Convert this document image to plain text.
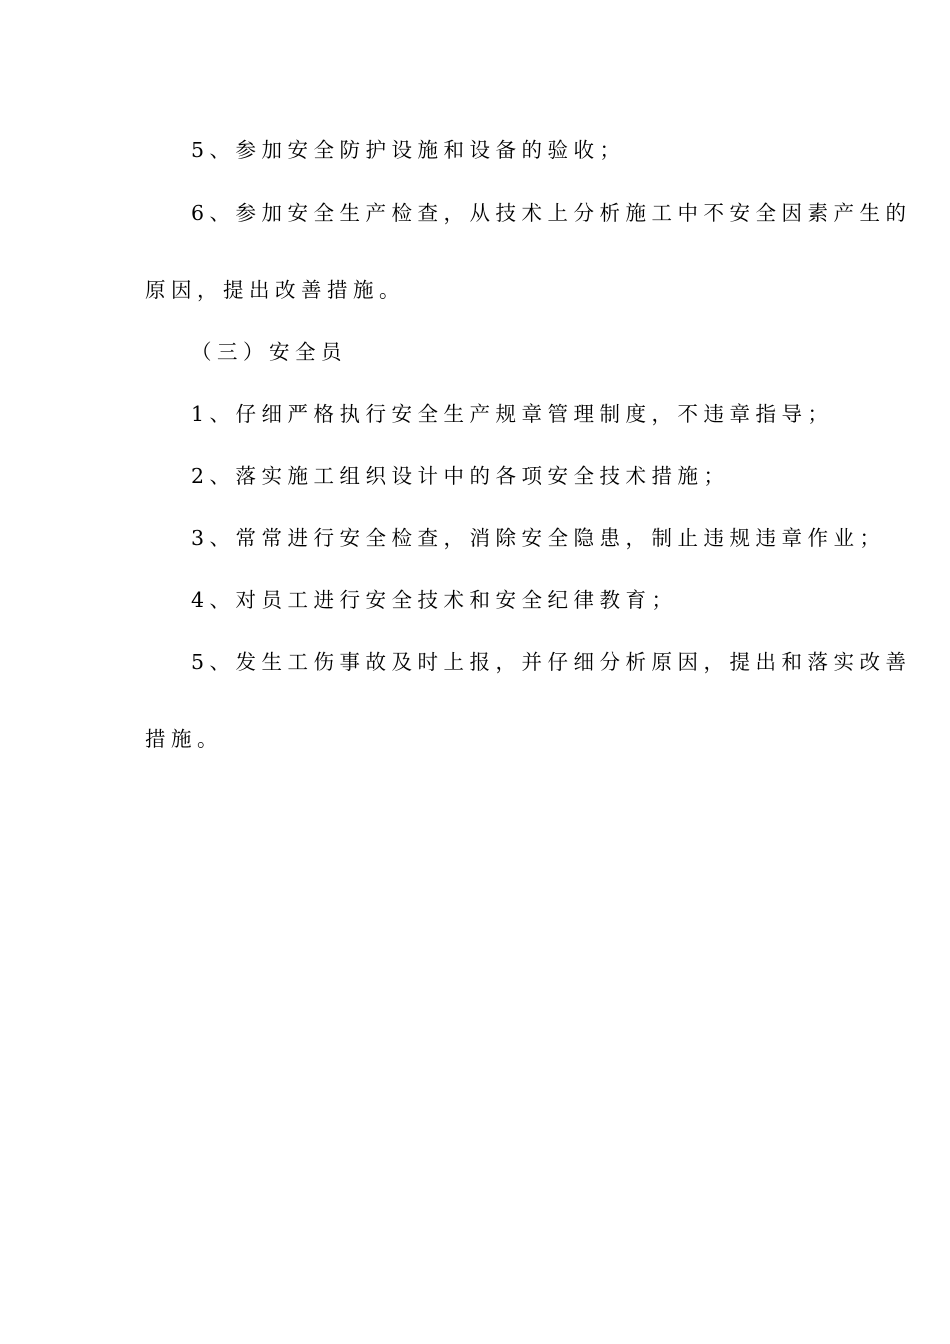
5、参加安全防护设施和设备的验收；

6、参加安全生产检查，从技术上分析施工中不安全因素产生的

原因，提出改善措施。

（三）安全员

1、仔细严格执行安全生产规章管理制度，不违章指导；

2、落实施工组织设计中的各项安全技术措施；

3、常常进行安全检查，消除安全隐患，制止违规违章作业；

4、对员工进行安全技术和安全纪律教育；

5、发生工伤事故及时上报，并仔细分析原因，提出和落实改善

措施。
